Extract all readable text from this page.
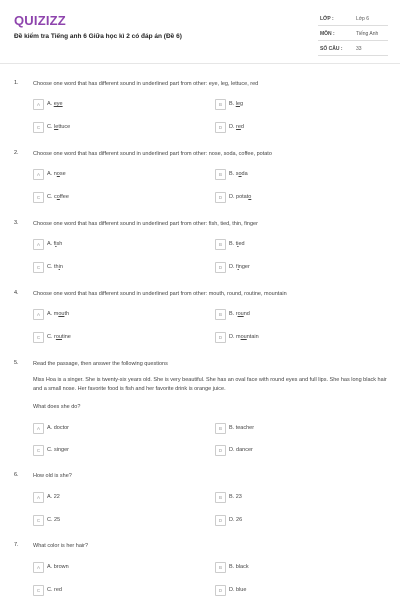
QUIZIZZ
Đề kiểm tra Tiếng anh 6 Giữa học kì 2 có đáp án (Đề 6)
LỚP :	Lớp 6
MÔN :	Tiếng Anh
SỐ CÂU :	33
1.	Choose one word that has different sound in underlined part from other: eye, leg, lettuce, red
A	A. eye	B	B. leg
C	C. lettuce	D	D. red
2.	Choose one word that has different sound in underlined part from other: nose, soda, coffee, potato
A	A. nose	B	B. soda
C	C. coffee	D	D. potato
3.	Choose one word that has different sound in underlined part from other: fish, tied, thin, finger
A	A. fish	B	B. tied
C	C. thin	D	D. finger
4.	Choose one word that has different sound in underlined part from other: mouth, round, routine, mountain
A	A. mouth	B	B. round
C	C. routine	D	D. mountain
5.	Read the passage, then answer the following questions
Miss Hoa is a singer. She is twenty-six years old. She is very beautiful. She has an oval face with round eyes and full lips. She has long black hair and a small nose. Her favorite food is fish and her favorite drink is orange juice.
What does she do?
A	A. doctor	B	B. teacher
C	C. singer	D	D. dancer
6.	How old is she?
A	A. 22	B	B. 23
C	C. 25	D	D. 26
7.	What color is her hair?
A	A. brown	B	B. black
C	C. red	D	D. blue
